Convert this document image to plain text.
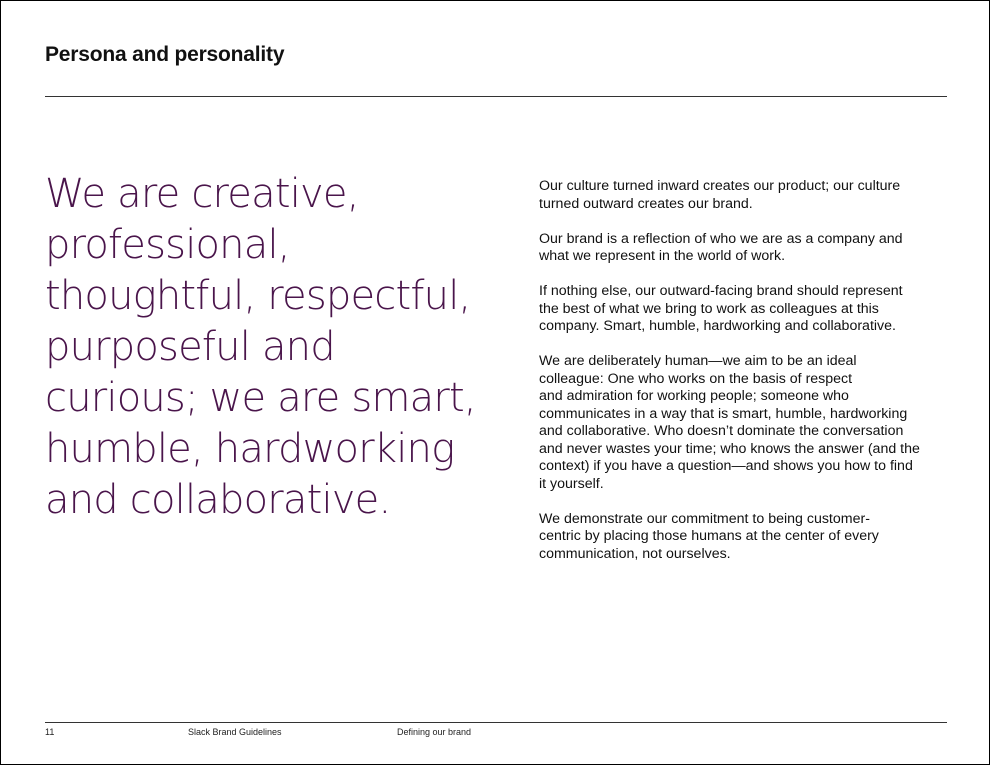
Persona and personality

We are creative,
professional,
thoughtful, respectful,
purposeful and
curious; we are smart,
humble, hardworking
and collaborative.

Our culture turned inward creates our product; our culture
turned outward creates our brand.

Our brand is a reflection of who we are as a company and
what we represent in the world of work.

If nothing else, our outward-facing brand should represent
the best of what we bring to work as colleagues at this
company. Smart, humble, hardworking and collaborative.

We are deliberately human—we aim to be an ideal
colleague: One who works on the basis of respect
and admiration for working people; someone who
communicates in a way that is smart, humble, hardworking
and collaborative. Who doesn’t dominate the conversation
and never wastes your time; who knows the answer (and the
context) if you have a question—and shows you how to find
it yourself.

We demonstrate our commitment to being customer-
centric by placing those humans at the center of every
communication, not ourselves.

11	Slack Brand Guidelines	Defining our brand
